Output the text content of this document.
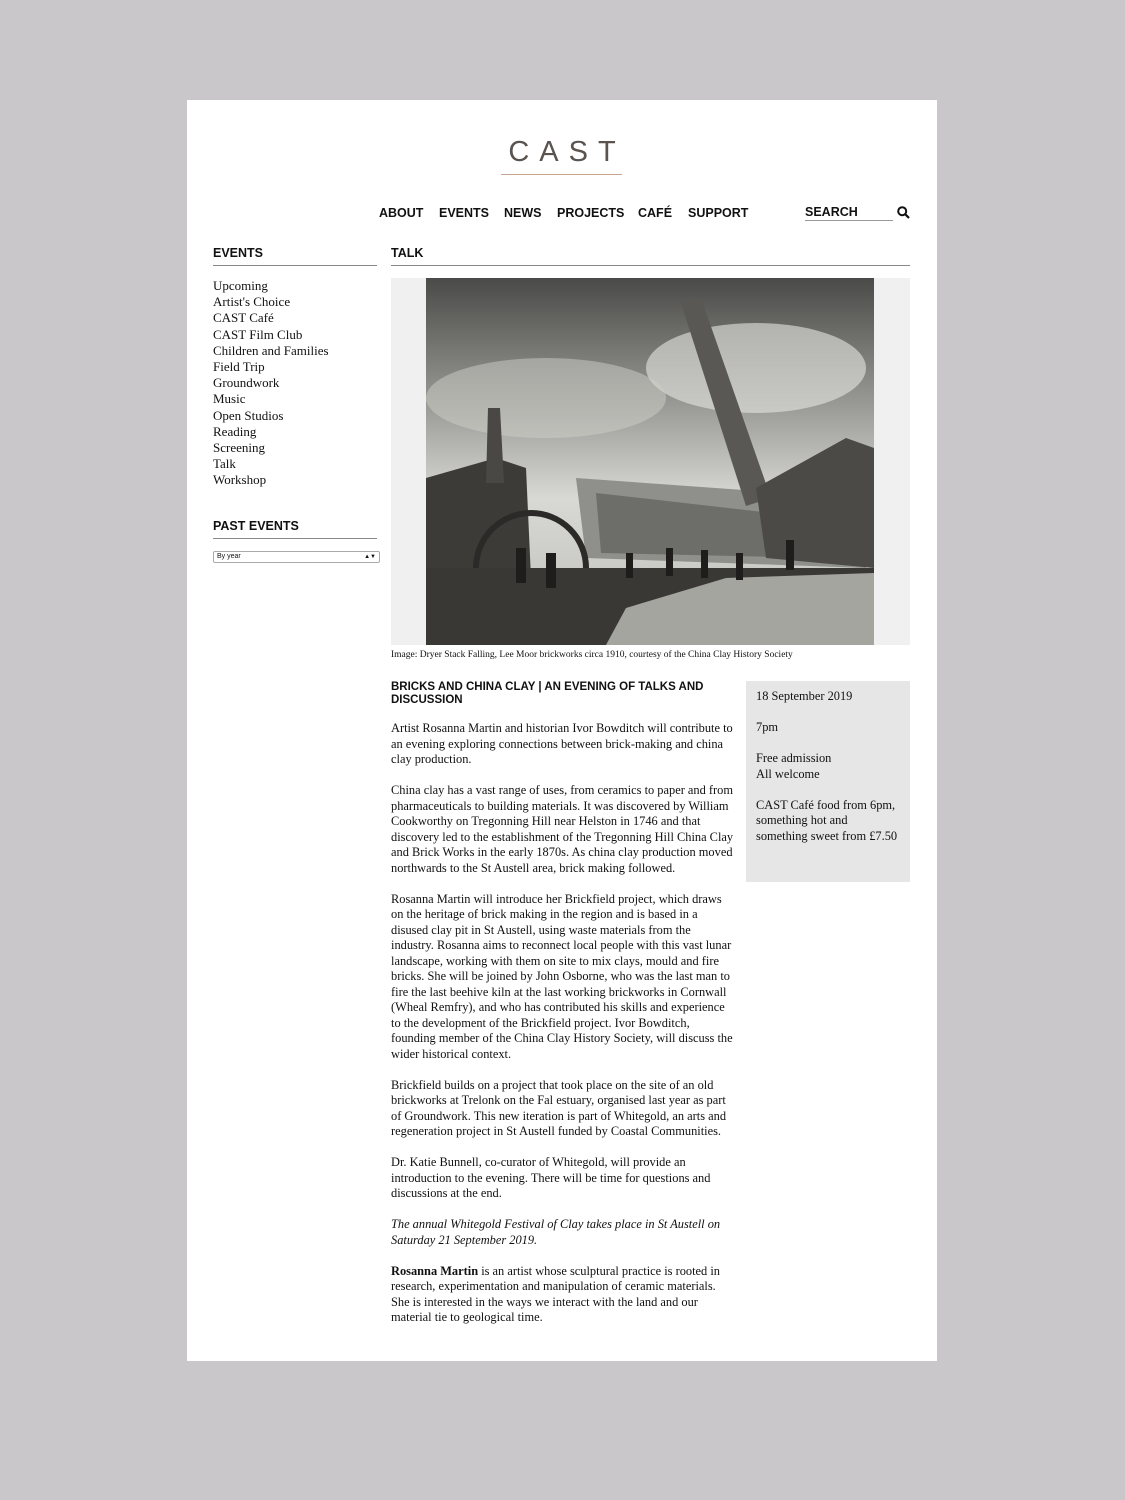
CAST
ABOUT EVENTS NEWS PROJECTS CAFÉ SUPPORT	SEARCH
EVENTS
Upcoming
Artist's Choice
CAST Café
CAST Film Club
Children and Families
Field Trip
Groundwork
Music
Open Studios
Reading
Screening
Talk
Workshop
PAST EVENTS
By year	▲▼
TALK
Image: Dryer Stack Falling, Lee Moor brickworks circa 1910, courtesy of the China Clay History Society
BRICKS AND CHINA CLAY | AN EVENING OF TALKS AND DISCUSSION

Artist Rosanna Martin and historian Ivor Bowditch will contribute to an evening exploring connections between brick-making and china clay production.

China clay has a vast range of uses, from ceramics to paper and from pharmaceuticals to building materials. It was discovered by William Cookworthy on Tregonning Hill near Helston in 1746 and that discovery led to the establishment of the Tregonning Hill China Clay and Brick Works in the early 1870s. As china clay production moved northwards to the St Austell area, brick making followed.

Rosanna Martin will introduce her Brickfield project, which draws on the heritage of brick making in the region and is based in a disused clay pit in St Austell, using waste materials from the industry. Rosanna aims to reconnect local people with this vast lunar landscape, working with them on site to mix clays, mould and fire bricks. She will be joined by John Osborne, who was the last man to fire the last beehive kiln at the last working brickworks in Cornwall (Wheal Remfry), and who has contributed his skills and experience to the development of the Brickfield project. Ivor Bowditch, founding member of the China Clay History Society, will discuss the wider historical context.

Brickfield builds on a project that took place on the site of an old brickworks at Trelonk on the Fal estuary, organised last year as part of Groundwork. This new iteration is part of Whitegold, an arts and regeneration project in St Austell funded by Coastal Communities.

Dr. Katie Bunnell, co-curator of Whitegold, will provide an introduction to the evening. There will be time for questions and discussions at the end.

The annual Whitegold Festival of Clay takes place in St Austell on Saturday 21 September 2019.

Rosanna Martin is an artist whose sculptural practice is rooted in research, experimentation and manipulation of ceramic materials. She is interested in the ways we interact with the land and our material tie to geological time.

18 September 2019

7pm

Free admission
All welcome

CAST Café food from 6pm, something hot and something sweet from £7.50
